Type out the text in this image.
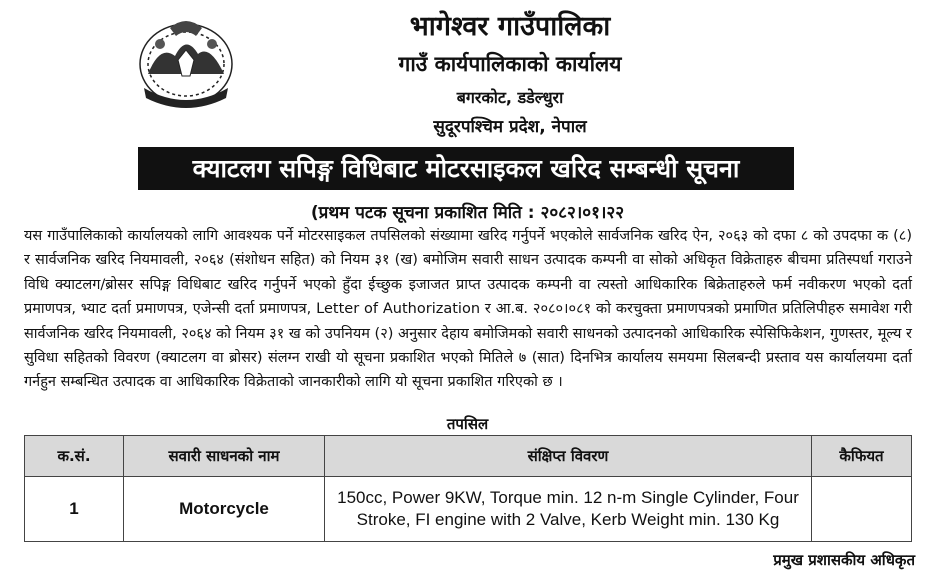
भागेश्वर गाउँपालिका
गाउँ कार्यपालिकाको कार्यालय
बगरकोट, डडेल्धुरा
सुदूरपश्चिम प्रदेश, नेपाल
क्याटलग सपिङ्ग विधिबाट मोटरसाइकल खरिद सम्बन्धी सूचना
(प्रथम पटक सूचना प्रकाशित मिति : २०८२।०१।२२
यस गाउँपालिकाको कार्यालयको लागि आवश्यक पर्ने मोटरसाइकल तपसिलको संख्यामा खरिद गर्नुपर्ने भएकोले सार्वजनिक खरिद ऐन, २०६३ को दफा ८ को उपदफा क (८) र सार्वजनिक खरिद नियमावली, २०६४ (संशोधन सहित) को नियम ३१ (ख) बमोजिम सवारी साधन उत्पादक कम्पनी वा सोको अधिकृत विक्रेताहरु बीचमा प्रतिस्पर्धा गराउने विधि क्याटलग/ब्रोसर सपिङ्ग विधिबाट खरिद गर्नुपर्ने भएको हुँदा ईच्छुक इजाजत प्राप्त उत्पादक कम्पनी वा त्यस्तो आधिकारिक बिक्रेताहरुले फर्म नवीकरण भएको दर्ता प्रमाणपत्र, भ्याट दर्ता प्रमाणपत्र, एजेन्सी दर्ता प्रमाणपत्र, Letter of Authorization र आ.ब. २०८०।०८१ को करचुक्ता प्रमाणपत्रको प्रमाणित प्रतिलिपीहरु समावेश गरी सार्वजनिक खरिद नियमावली, २०६४ को नियम ३१ ख को उपनियम (२) अनुसार देहाय बमोजिमको सवारी साधनको उत्पादनको आधिकारिक स्पेसिफिकेशन, गुणस्तर, मूल्य र सुविधा सहितको विवरण (क्याटलग वा ब्रोसर) संलग्न राखी यो सूचना प्रकाशित भएको मितिले ७ (सात) दिनभित्र कार्यालय समयमा सिलबन्दी प्रस्ताव यस कार्यालयमा दर्ता गर्नहुन सम्बन्धित उत्पादक वा आधिकारिक विक्रेताको जानकारीको लागि यो सूचना प्रकाशित गरिएको छ ।
तपसिल
क.सं.	सवारी साधनको नाम	संक्षिप्त विवरण	कैफियत
1	Motorcycle	150cc, Power 9KW, Torque min. 12 n-m Single Cylinder, Four Stroke, FI engine with 2 Valve, Kerb Weight min. 130 Kg	
प्रमुख प्रशासकीय अधिकृत
